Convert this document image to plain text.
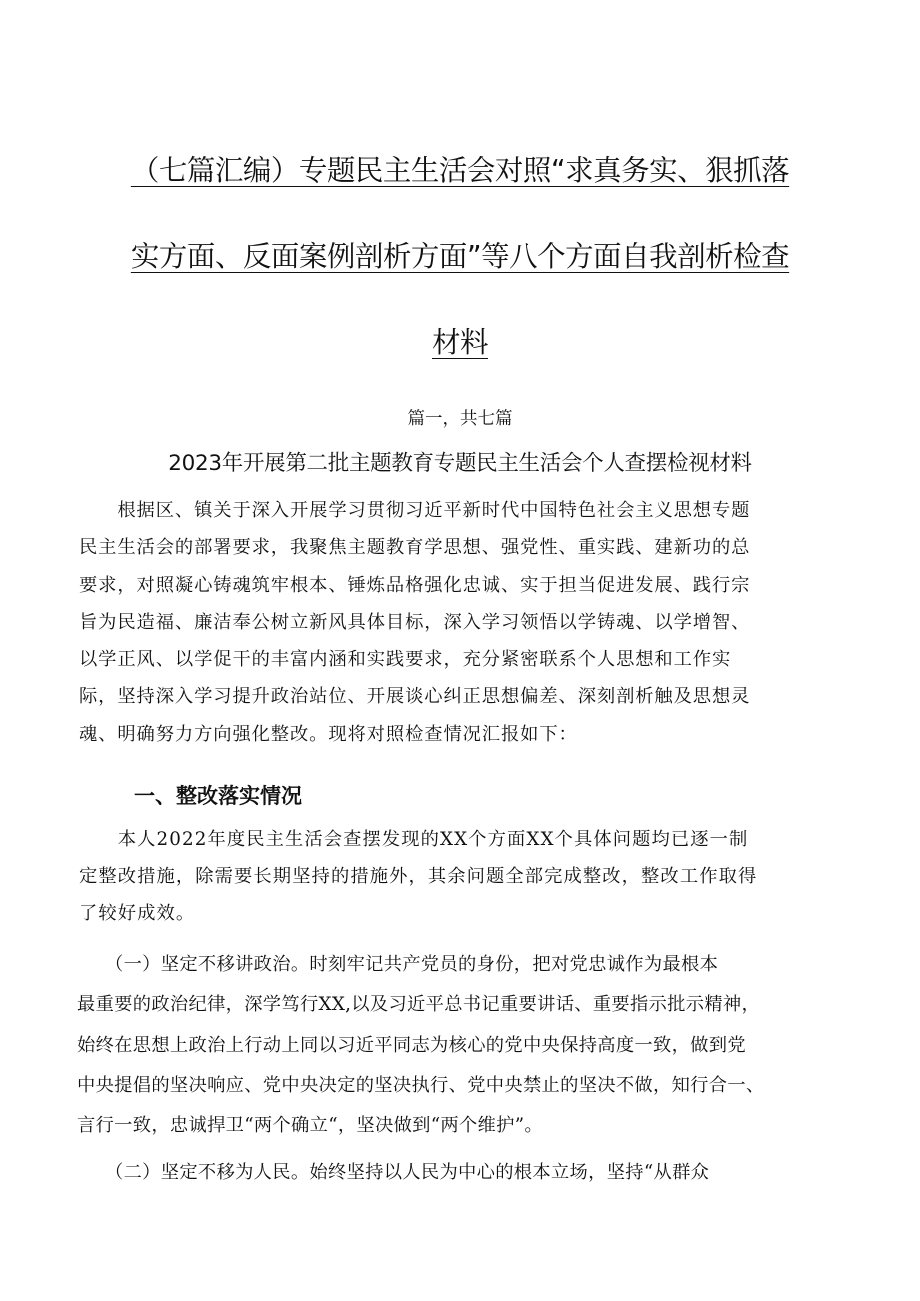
（七篇汇编）专题民主生活会对照“求真务实、狠抓落
实方面、反面案例剖析方面”等八个方面自我剖析检查
材料
篇一，共七篇
2023年开展第二批主题教育专题民主生活会个人查摆检视材料
　　根据区、镇关于深入开展学习贯彻习近平新时代中国特色社会主义思想专题
民主生活会的部署要求，我聚焦主题教育学思想、强党性、重实践、建新功的总
要求，对照凝心铸魂筑牢根本、锤炼品格强化忠诚、实于担当促进发展、践行宗
旨为民造福、廉洁奉公树立新风具体目标，深入学习领悟以学铸魂、以学增智、
以学正风、以学促干的丰富内涵和实践要求，充分紧密联系个人思想和工作实
际，坚持深入学习提升政治站位、开展谈心纠正思想偏差、深刻剖析触及思想灵
魂、明确努力方向强化整改。现将对照检查情况汇报如下：
一、整改落实情况
　　本人2022年度民主生活会查摆发现的XX个方面XX个具体问题均已逐一制
定整改措施，除需要长期坚持的措施外，其余问题全部完成整改，整改工作取得
了较好成效。
　　（一）坚定不移讲政治。时刻牢记共产党员的身份，把对党忠诚作为最根本
最重要的政治纪律，深学笃行XX,以及习近平总书记重要讲话、重要指示批示精神，
始终在思想上政治上行动上同以习近平同志为核心的党中央保持高度一致，做到党
中央提倡的坚决响应、党中央决定的坚决执行、党中央禁止的坚决不做，知行合一、
言行一致，忠诚捍卫“两个确立“，坚决做到“两个维护”。
　　（二）坚定不移为人民。始终坚持以人民为中心的根本立场，坚持“从群众
